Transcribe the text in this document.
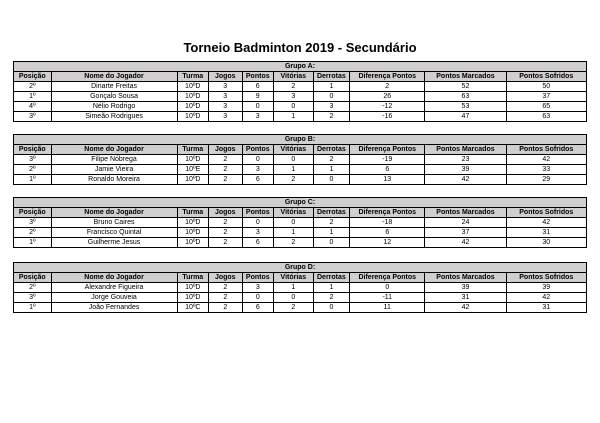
Torneio Badminton 2019 - Secundário
Grupo A:									
Posição	Nome do Jogador	Turma	Jogos	Pontos	Vitórias	Derrotas	Diferença Pontos	Pontos Marcados	Pontos Sofridos
2º	Dinarte Freitas	10ºD	3	6	2	1	2	52	50
1º	Gonçalo Sousa	10ºD	3	9	3	0	26	63	37
4º	Nélio Rodrigo	10ºD	3	0	0	3	-12	53	65
3º	Simeão Rodrigues	10ºD	3	3	1	2	-16	47	63
Grupo B:									
Posição	Nome do Jogador	Turma	Jogos	Pontos	Vitórias	Derrotas	Diferença Pontos	Pontos Marcados	Pontos Sofridos
3º	Filipe Nóbrega	10ºD	2	0	0	2	-19	23	42
2º	Jamie Vieira	10ºE	2	3	1	1	6	39	33
1º	Ronaldo Moreira	10ºD	2	6	2	0	13	42	29
Grupo C:									
Posição	Nome do Jogador	Turma	Jogos	Pontos	Vitórias	Derrotas	Diferença Pontos	Pontos Marcados	Pontos Sofridos
3º	Bruno Caires	10ºD	2	0	0	2	-18	24	42
2º	Francisco Quintal	10ºD	2	3	1	1	6	37	31
1º	Guilherme Jesus	10ºD	2	6	2	0	12	42	30
Grupo D:									
Posição	Nome do Jogador	Turma	Jogos	Pontos	Vitórias	Derrotas	Diferença Pontos	Pontos Marcados	Pontos Sofridos
2º	Alexandre Figueira	10ºD	2	3	1	1	0	39	39
3º	Jorge Gouveia	10ºD	2	0	0	2	-11	31	42
1º	João Fernandes	10ºC	2	6	2	0	11	42	31
